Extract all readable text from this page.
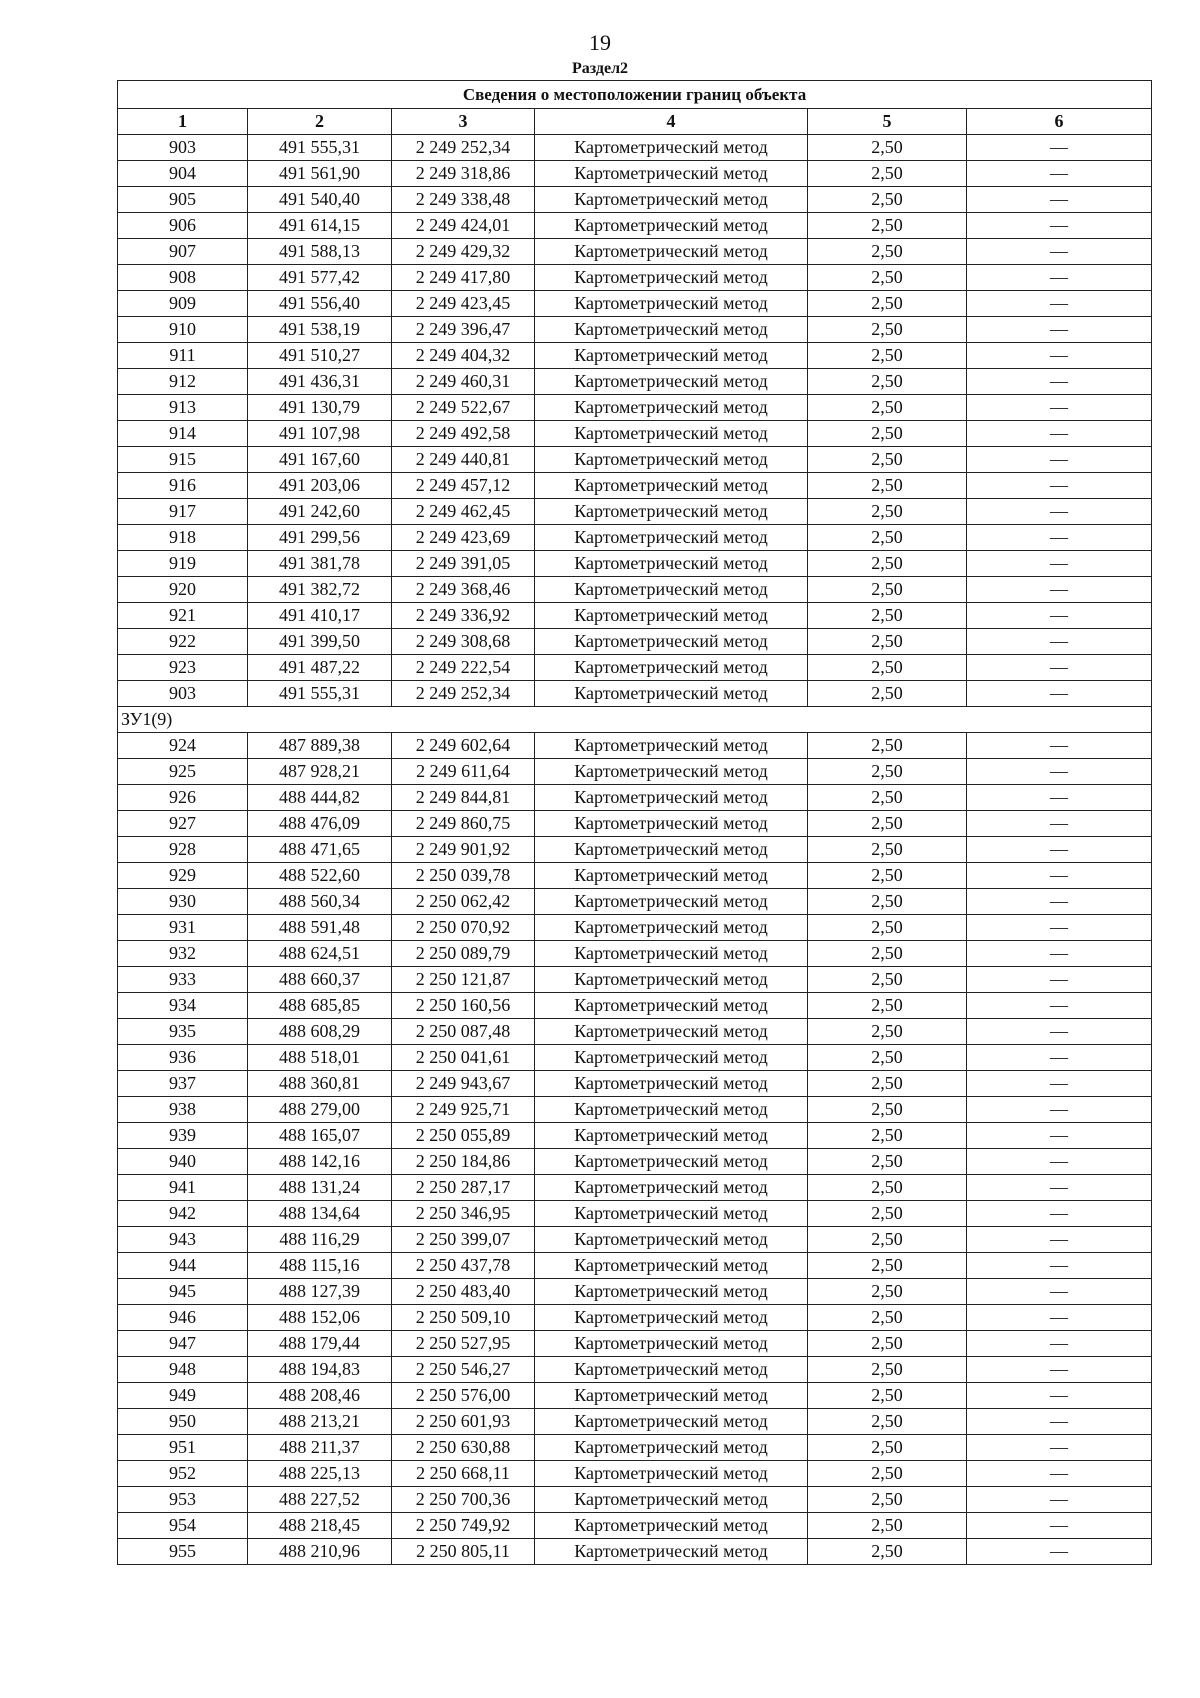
19
Раздел2
Сведения о местоположении границ объекта					
1	2	3	4	5	6
903	491 555,31	2 249 252,34	Картометрический метод	2,50	—
904	491 561,90	2 249 318,86	Картометрический метод	2,50	—
905	491 540,40	2 249 338,48	Картометрический метод	2,50	—
906	491 614,15	2 249 424,01	Картометрический метод	2,50	—
907	491 588,13	2 249 429,32	Картометрический метод	2,50	—
908	491 577,42	2 249 417,80	Картометрический метод	2,50	—
909	491 556,40	2 249 423,45	Картометрический метод	2,50	—
910	491 538,19	2 249 396,47	Картометрический метод	2,50	—
911	491 510,27	2 249 404,32	Картометрический метод	2,50	—
912	491 436,31	2 249 460,31	Картометрический метод	2,50	—
913	491 130,79	2 249 522,67	Картометрический метод	2,50	—
914	491 107,98	2 249 492,58	Картометрический метод	2,50	—
915	491 167,60	2 249 440,81	Картометрический метод	2,50	—
916	491 203,06	2 249 457,12	Картометрический метод	2,50	—
917	491 242,60	2 249 462,45	Картометрический метод	2,50	—
918	491 299,56	2 249 423,69	Картометрический метод	2,50	—
919	491 381,78	2 249 391,05	Картометрический метод	2,50	—
920	491 382,72	2 249 368,46	Картометрический метод	2,50	—
921	491 410,17	2 249 336,92	Картометрический метод	2,50	—
922	491 399,50	2 249 308,68	Картометрический метод	2,50	—
923	491 487,22	2 249 222,54	Картометрический метод	2,50	—
903	491 555,31	2 249 252,34	Картометрический метод	2,50	—
ЗУ1(9)					
924	487 889,38	2 249 602,64	Картометрический метод	2,50	—
925	487 928,21	2 249 611,64	Картометрический метод	2,50	—
926	488 444,82	2 249 844,81	Картометрический метод	2,50	—
927	488 476,09	2 249 860,75	Картометрический метод	2,50	—
928	488 471,65	2 249 901,92	Картометрический метод	2,50	—
929	488 522,60	2 250 039,78	Картометрический метод	2,50	—
930	488 560,34	2 250 062,42	Картометрический метод	2,50	—
931	488 591,48	2 250 070,92	Картометрический метод	2,50	—
932	488 624,51	2 250 089,79	Картометрический метод	2,50	—
933	488 660,37	2 250 121,87	Картометрический метод	2,50	—
934	488 685,85	2 250 160,56	Картометрический метод	2,50	—
935	488 608,29	2 250 087,48	Картометрический метод	2,50	—
936	488 518,01	2 250 041,61	Картометрический метод	2,50	—
937	488 360,81	2 249 943,67	Картометрический метод	2,50	—
938	488 279,00	2 249 925,71	Картометрический метод	2,50	—
939	488 165,07	2 250 055,89	Картометрический метод	2,50	—
940	488 142,16	2 250 184,86	Картометрический метод	2,50	—
941	488 131,24	2 250 287,17	Картометрический метод	2,50	—
942	488 134,64	2 250 346,95	Картометрический метод	2,50	—
943	488 116,29	2 250 399,07	Картометрический метод	2,50	—
944	488 115,16	2 250 437,78	Картометрический метод	2,50	—
945	488 127,39	2 250 483,40	Картометрический метод	2,50	—
946	488 152,06	2 250 509,10	Картометрический метод	2,50	—
947	488 179,44	2 250 527,95	Картометрический метод	2,50	—
948	488 194,83	2 250 546,27	Картометрический метод	2,50	—
949	488 208,46	2 250 576,00	Картометрический метод	2,50	—
950	488 213,21	2 250 601,93	Картометрический метод	2,50	—
951	488 211,37	2 250 630,88	Картометрический метод	2,50	—
952	488 225,13	2 250 668,11	Картометрический метод	2,50	—
953	488 227,52	2 250 700,36	Картометрический метод	2,50	—
954	488 218,45	2 250 749,92	Картометрический метод	2,50	—
955	488 210,96	2 250 805,11	Картометрический метод	2,50	—
